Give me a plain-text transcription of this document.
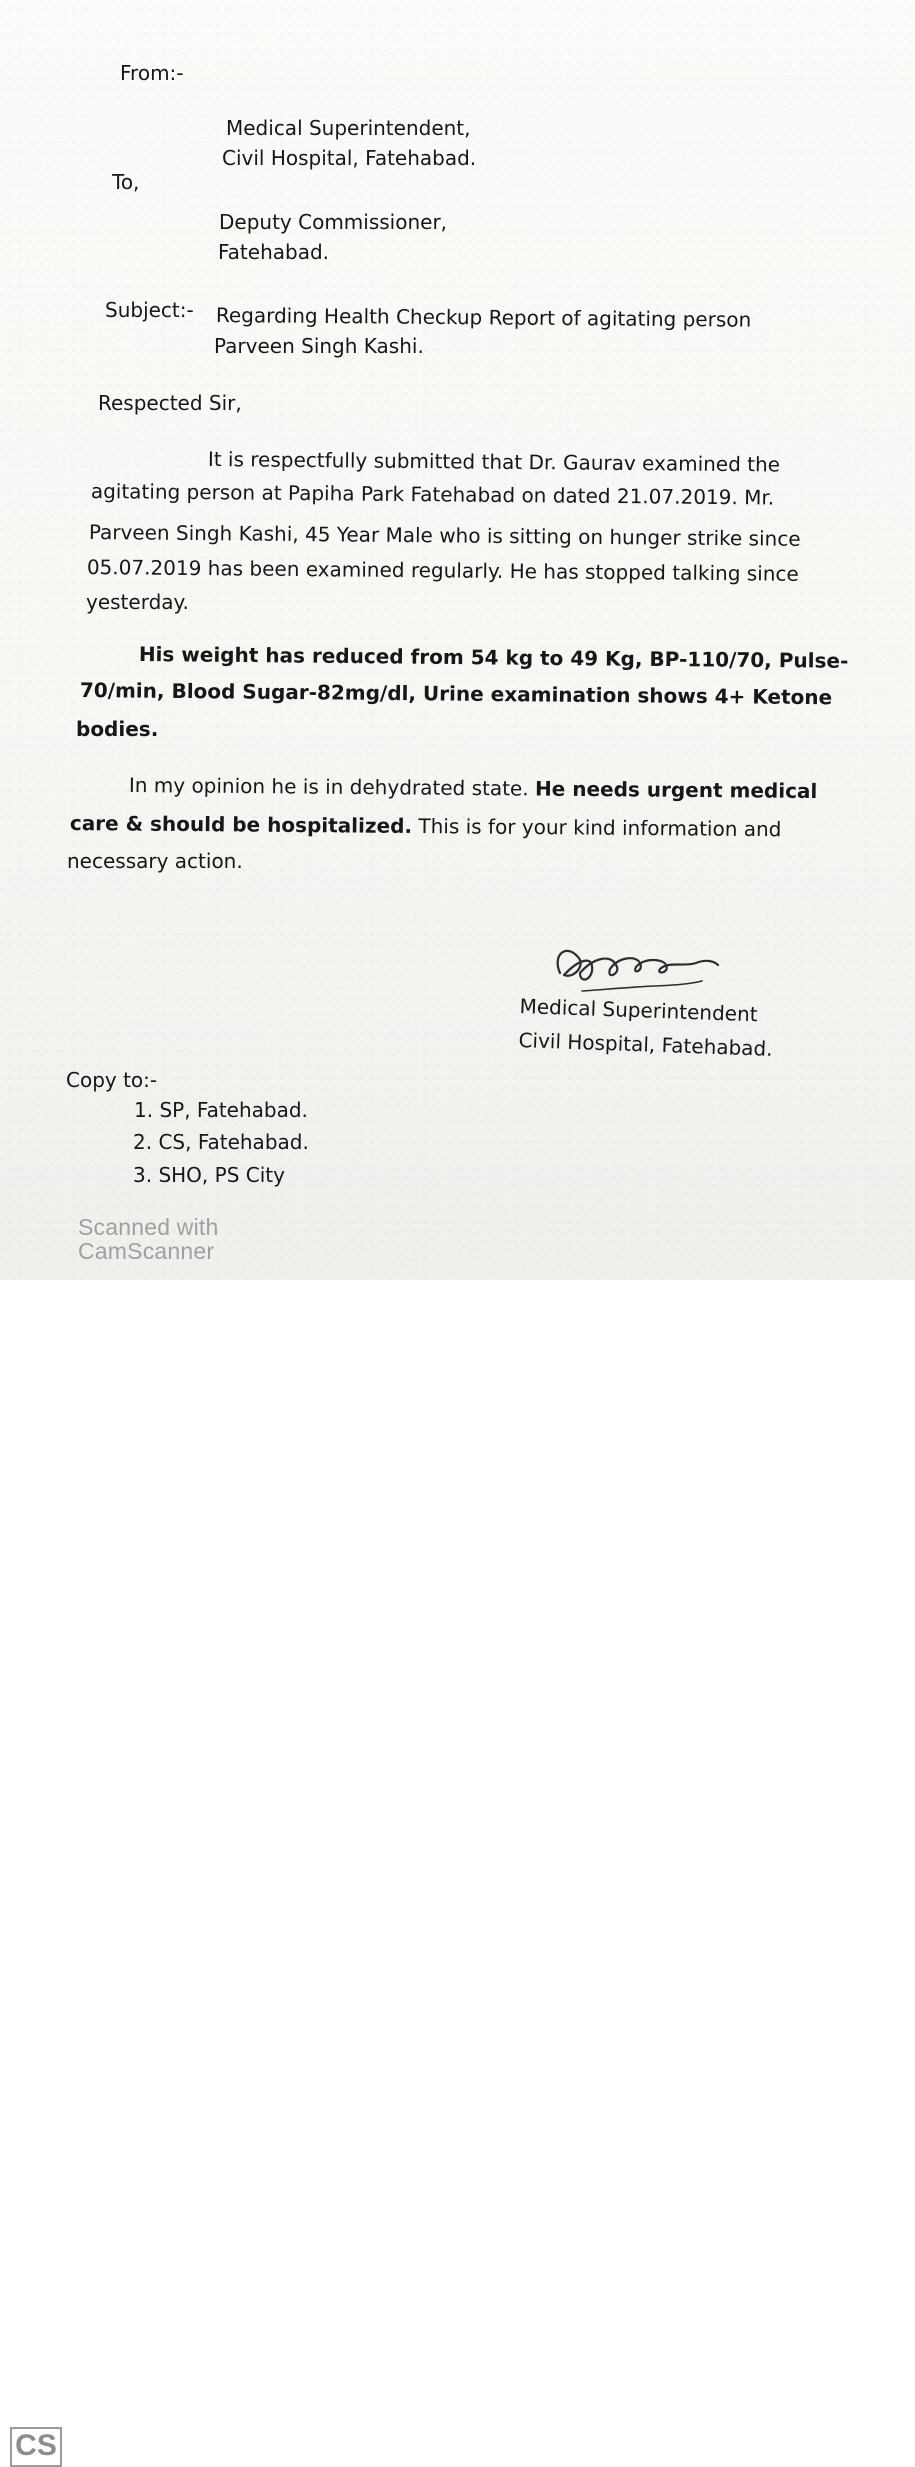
From:-
Medical Superintendent,
Civil Hospital, Fatehabad.
To,
Deputy Commissioner,
Fatehabad.
Subject:- Regarding Health Checkup Report of agitating person
Parveen Singh Kashi.
Respected Sir,
It is respectfully submitted that Dr. Gaurav examined the
agitating person at Papiha Park Fatehabad on dated 21.07.2019. Mr.
Parveen Singh Kashi, 45 Year Male who is sitting on hunger strike since
05.07.2019 has been examined regularly. He has stopped talking since
yesterday.
His weight has reduced from 54 kg to 49 Kg, BP-110/70, Pulse-
70/min, Blood Sugar-82mg/dl, Urine examination shows 4+ Ketone
bodies.
In my opinion he is in dehydrated state. He needs urgent medical
care & should be hospitalized. This is for your kind information and
necessary action.
Medical Superintendent
Civil Hospital, Fatehabad.
Copy to:-
1. SP, Fatehabad.
2. CS, Fatehabad.
3. SHO, PS City
CS
Scanned with
CamScanner
